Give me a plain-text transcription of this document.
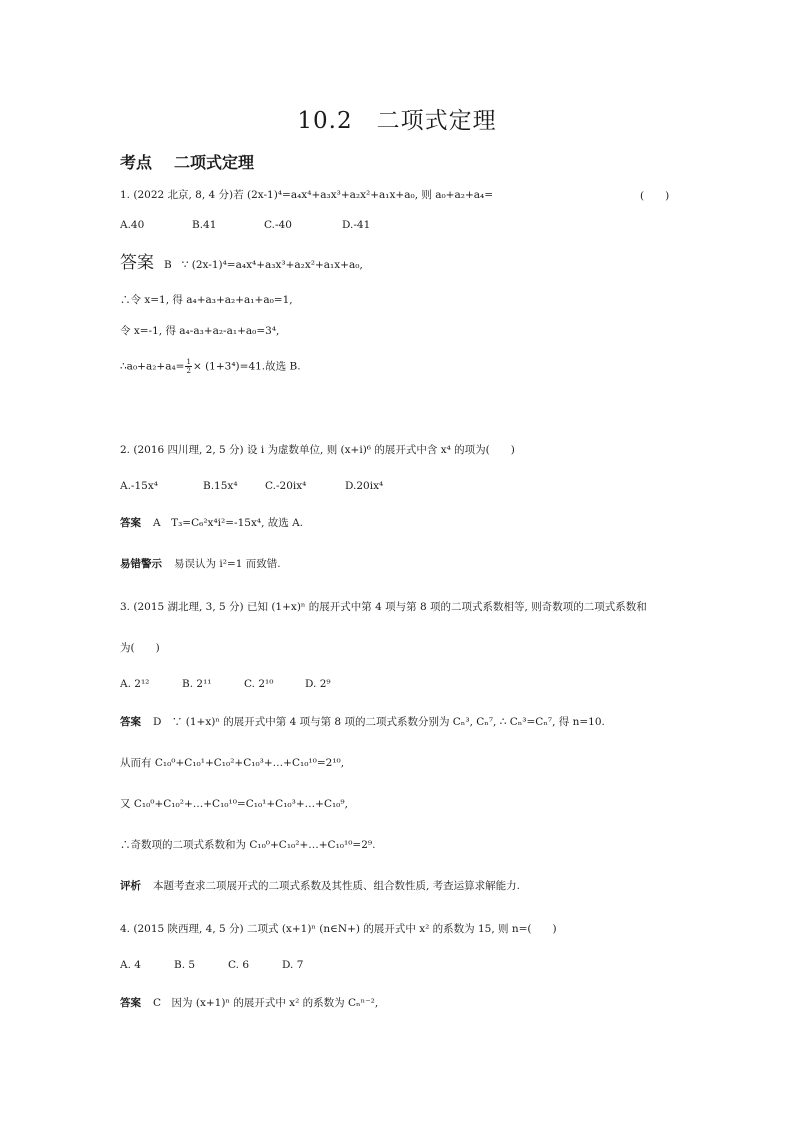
10.2　二项式定理
考点 二项式定理
1. (2022 北京, 8, 4 分)若 (2x-1)⁴=a₄x⁴+a₃x³+a₂x²+a₁x+a₀, 则 a₀+a₂+a₄=	(　　)
A.40	B.41	C.-40	D.-41
答案 B ∵ (2x-1)⁴=a₄x⁴+a₃x³+a₂x²+a₁x+a₀,
∴令 x=1, 得 a₄+a₃+a₂+a₁+a₀=1,
令 x=-1, 得 a₄-a₃+a₂-a₁+a₀=3⁴,
∴a₀+a₂+a₄= $\frac{1}{2} \times (1+3^4)=41$.故选 B.
2. (2016 四川理, 2, 5 分) 设 i 为虚数单位, 则 (x+i)⁶ 的展开式中含 x⁴ 的项为(　　)
A.-15x⁴	B.15x⁴	C.-20ix⁴	D.20ix⁴
答案 A　T₃=C₆²x⁴i²=-15x⁴, 故选 A.
易错警示 易误认为 i²=1 而致错.
3. (2015 湖北理, 3, 5 分) 已知 (1+x)ⁿ 的展开式中第 4 项与第 8 项的二项式系数相等, 则奇数项的二项式系数和
为(　　)
A. 2¹²	B. 2¹¹	C. 2¹⁰	D. 2⁹
答案 D　∵ (1+x)ⁿ 的展开式中第 4 项与第 8 项的二项式系数分别为 Cₙ³, Cₙ⁷, ∴ Cₙ³=Cₙ⁷, 得 n=10.
从而有 C₁₀⁰+C₁₀¹+C₁₀²+C₁₀³+…+C₁₀¹⁰=2¹⁰,
又 C₁₀⁰+C₁₀²+…+C₁₀¹⁰=C₁₀¹+C₁₀³+…+C₁₀⁹,
∴奇数项的二项式系数和为 C₁₀⁰+C₁₀²+…+C₁₀¹⁰=2⁹.
评析 本题考查求二项展开式的二项式系数及其性质、组合数性质, 考查运算求解能力.
4. (2015 陕西理, 4, 5 分) 二项式 (x+1)ⁿ (n∈N+) 的展开式中 x² 的系数为 15, 则 n=(　　)
A. 4	B. 5	C. 6	D. 7
答案 C　因为 (x+1)ⁿ 的展开式中 x² 的系数为 Cₙⁿ⁻²,
